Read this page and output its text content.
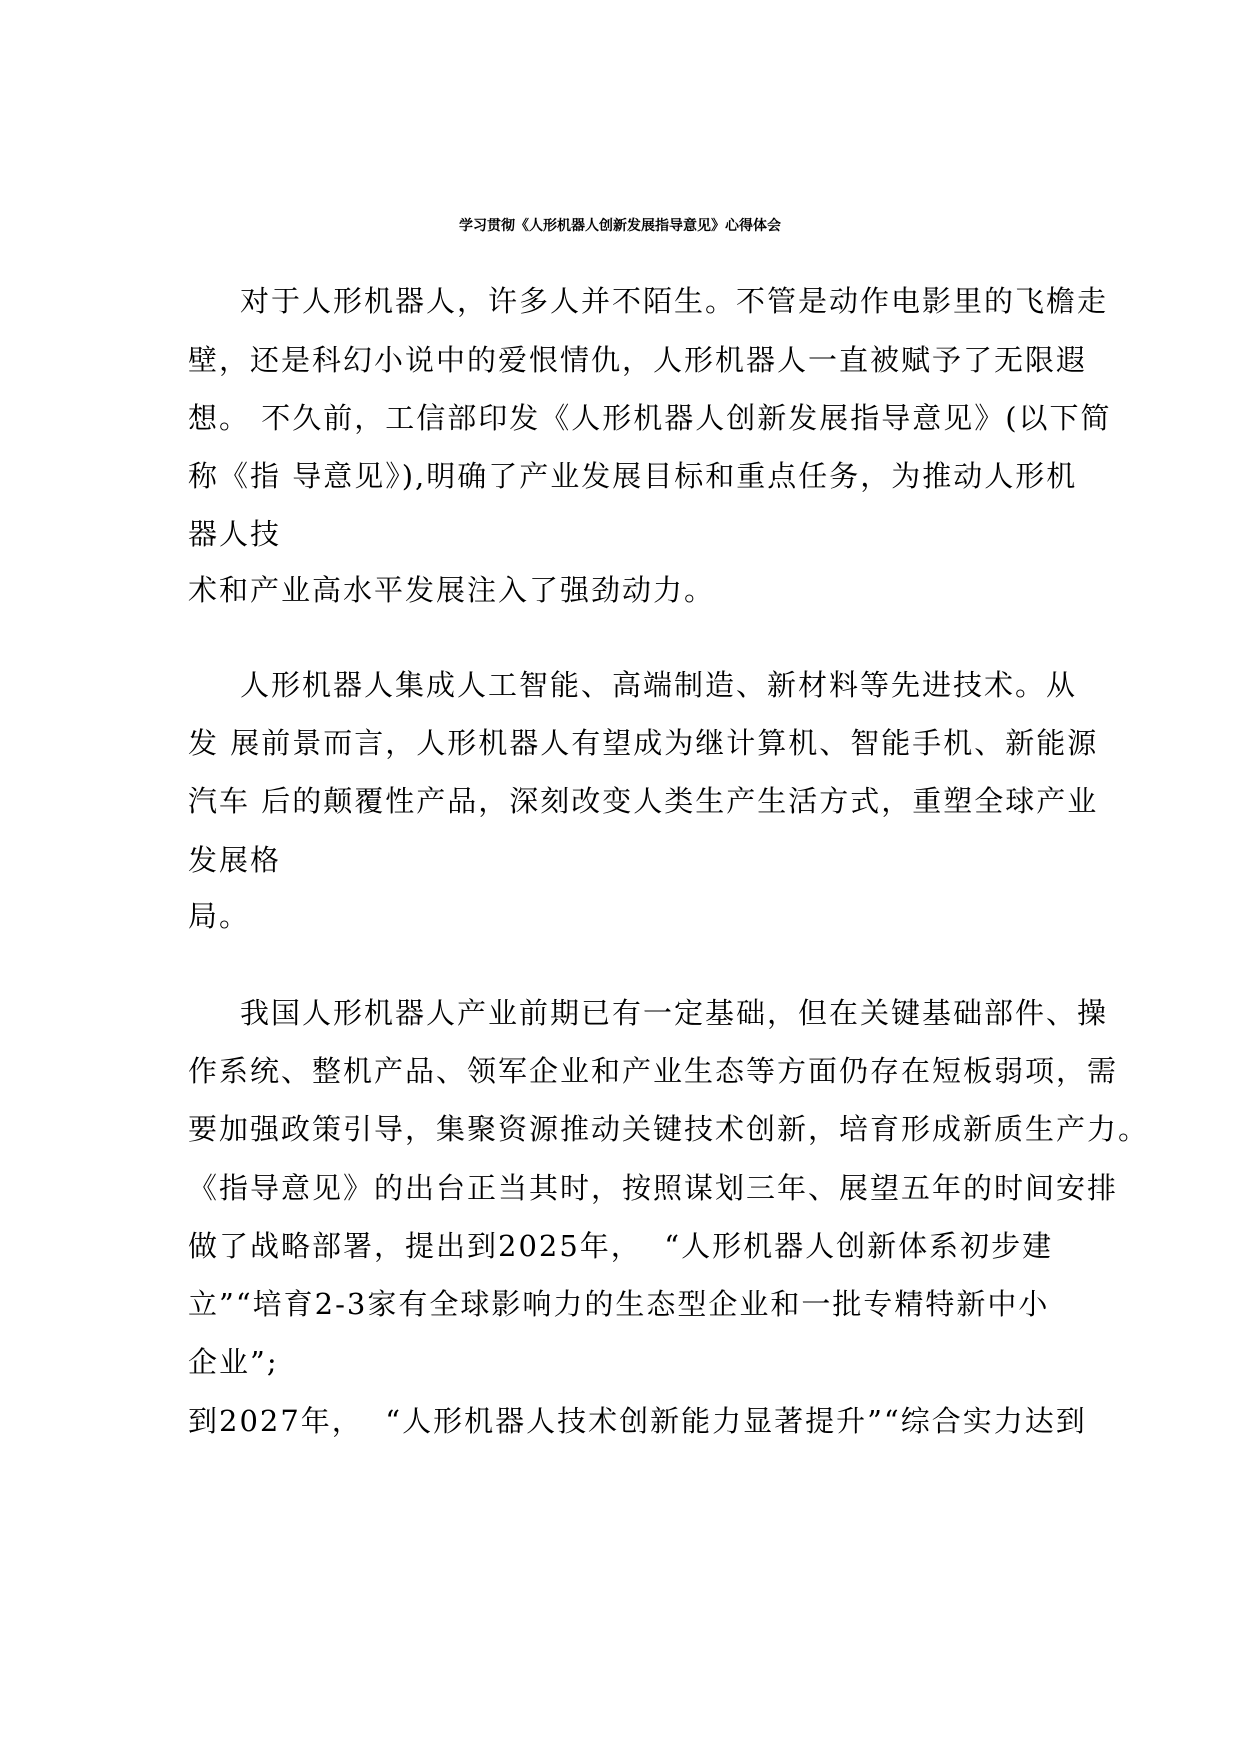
学习贯彻《人形机器人创新发展指导意见》心得体会
对于人形机器人，许多人并不陌生。不管是动作电影里的飞檐走
壁，还是科幻小说中的爱恨情仇，人形机器人一直被赋予了无限遐
想。 不久前，工信部印发《人形机器人创新发展指导意见》(以下简
称《指 导意见》),明确了产业发展目标和重点任务，为推动人形机
器人技
术和产业高水平发展注入了强劲动力。
人形机器人集成人工智能、高端制造、新材料等先进技术。从
发 展前景而言，人形机器人有望成为继计算机、智能手机、新能源
汽车 后的颠覆性产品，深刻改变人类生产生活方式，重塑全球产业
发展格
局。
我国人形机器人产业前期已有一定基础，但在关键基础部件、操
作系统、整机产品、领军企业和产业生态等方面仍存在短板弱项，需
要加强政策引导，集聚资源推动关键技术创新，培育形成新质生产力。
《指导意见》的出台正当其时，按照谋划三年、展望五年的时间安排
做了战略部署，提出到2025年，  “人形机器人创新体系初步建
立”“培育2-3家有全球影响力的生态型企业和一批专精特新中小
企业”;
到2027年，  “人形机器人技术创新能力显著提升”“综合实力达到
